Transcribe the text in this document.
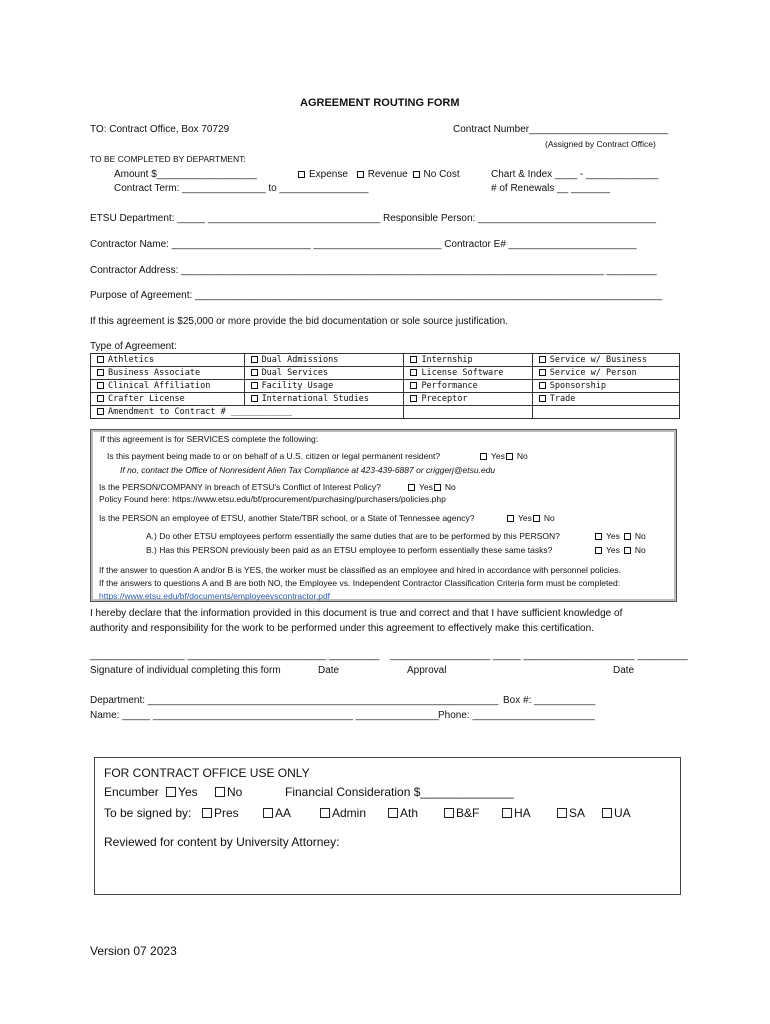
AGREEMENT ROUTING FORM
TO: Contract Office, Box 70729	Contract Number_________________________
(Assigned by Contract Office)
TO BE COMPLETED BY DEPARTMENT:
Amount $__________________
Contract Term: _______________ to ________________
Expense Revenue No Cost	Chart & Index ____ - _____________
# of Renewals __ _______
ETSU Department: _____ _______________________________ Responsible Person: ________________________________
Contractor Name: _________________________ _______________________ Contractor E# _______________________
Contractor Address: ____________________________________________________________________________ _________
Purpose of Agreement: ____________________________________________________________________________________
If this agreement is $25,000 or more provide the bid documentation or sole source justification.
Type of Agreement:
Athletics	Dual Admissions	Internship	Service w/ Business
Business Associate	Dual Services	License Software	Service w/ Person
Clinical Affiliation	Facility Usage	Performance	Sponsorship
Crafter License	International Studies	Preceptor	Trade
Amendment to Contract # ____________			
If this agreement is for SERVICES complete the following:
Is this payment being made to or on behalf of a U.S. citizen or legal permanent resident?	Yes No
If no, contact the Office of Nonresident Alien Tax Compliance at 423-439-6887 or criggerj@etsu.edu
Is the PERSON/COMPANY in breach of ETSU's Conflict of Interest Policy?	Yes No
Policy Found here: https://www.etsu.edu/bf/procurement/purchasing/purchasers/policies.php
Is the PERSON an employee of ETSU, another State/TBR school, or a State of Tennessee agency?	Yes No
A.) Do other ETSU employees perform essentially the same duties that are to be performed by this PERSON?	Yes No
B.) Has this PERSON previously been paid as an ETSU employee to perform essentially these same tasks?	Yes No
If the answer to question A and/or B is YES, the worker must be classified as an employee and hired in accordance with personnel policies.
If the answers to questions A and B are both NO, the Employee vs. Independent Contractor Classification Criteria form must be completed:
https://www.etsu.edu/bf/documents/employeevscontractor.pdf
I hereby declare that the information provided in this document is true and correct and that I have sufficient knowledge of
authority and responsibility for the work to be performed under this agreement to effectively make this certification.
_________________ _________________________ _________ __________________ _____ ____________________ _________
Signature of individual completing this form	Date	Approval	Date
Department: _______________________________________________________________ Box #: ___________
Name: _____ ____________________________________ _______________
Phone: ______________________
FOR CONTRACT OFFICE USE ONLY
Encumber Yes No	Financial Consideration $______________
To be signed by:	Pres	AA	Admin	Ath	B&F	HA	SA	UA
Reviewed for content by University Attorney:
Version 07 2023
